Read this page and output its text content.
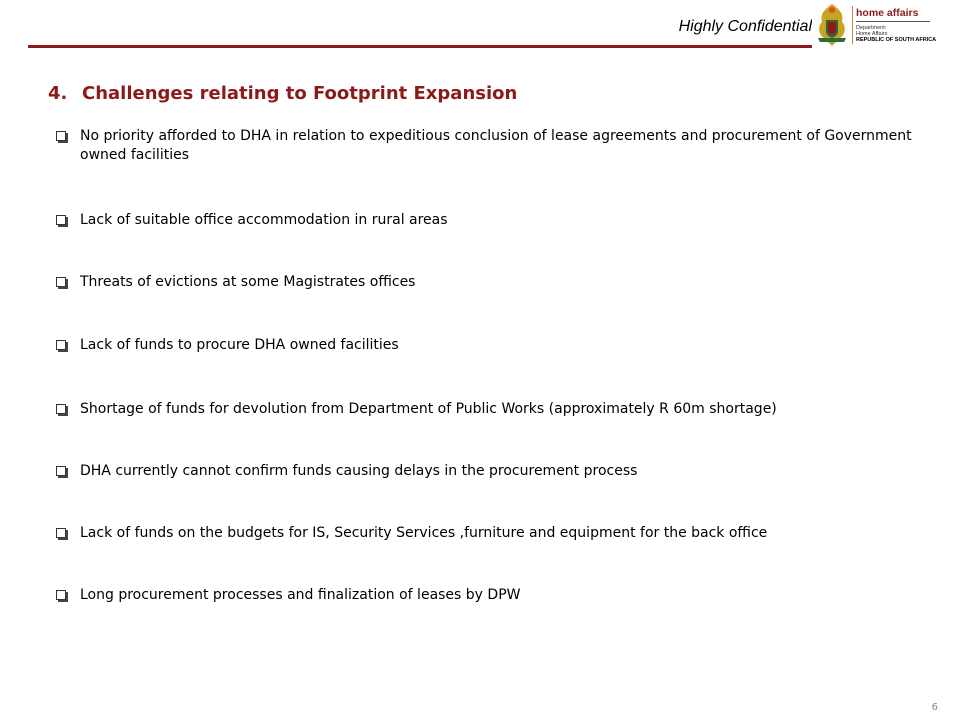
Highly Confidential
home affairs
Department:
Home Affairs
REPUBLIC OF SOUTH AFRICA
4. Challenges relating to Footprint Expansion
No priority afforded to DHA in relation to expeditious conclusion of lease agreements and procurement of Government owned facilities
Lack of suitable office accommodation in rural areas
Threats of evictions at some Magistrates offices
Lack of funds to procure DHA owned facilities
Shortage of funds for devolution from Department of Public Works (approximately R 60m shortage)
DHA currently cannot confirm funds causing delays in the procurement process
Lack of funds on the budgets for IS, Security Services ,furniture and equipment for the back office
Long procurement processes and finalization of leases by DPW
6
